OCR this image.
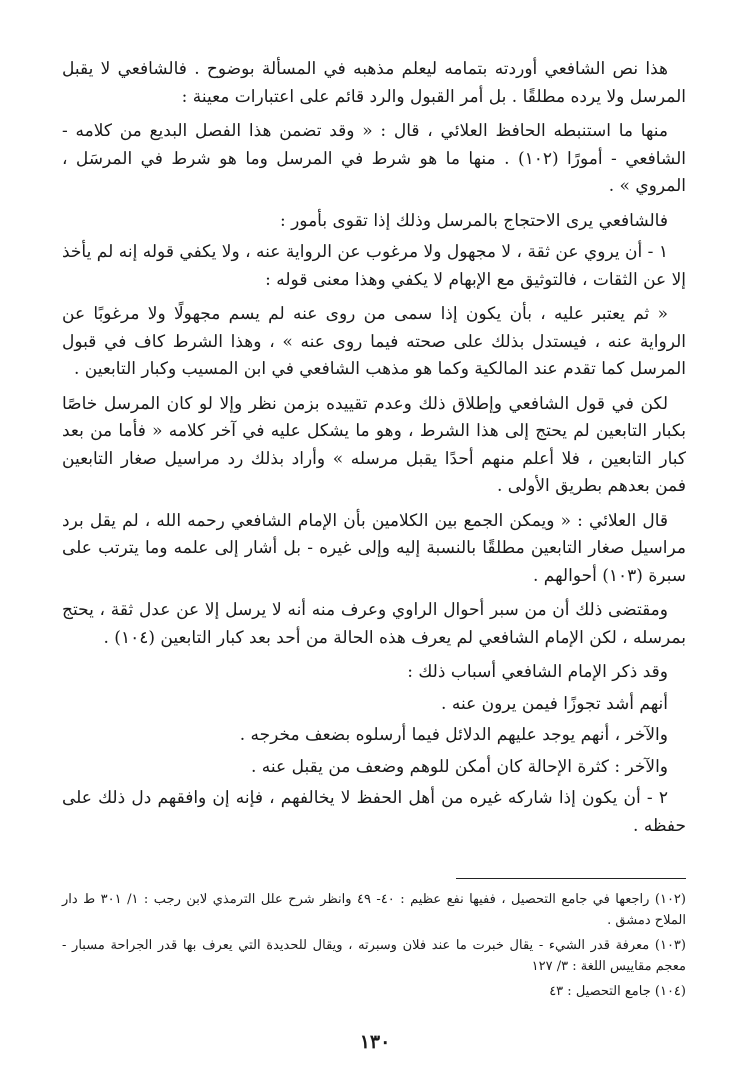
هذا نص الشافعي أوردته بتمامه ليعلم مذهبه في المسألة بوضوح . فالشافعي لا يقبل المرسل ولا يرده مطلقًا . بل أمر القبول والرد قائم على اعتبارات معينة :

منها ما استنبطه الحافظ العلائي ، قال : « وقد تضمن هذا الفصل البديع من كلامه - الشافعي - أمورًا (١٠٢) . منها ما هو شرط في المرسل وما هو شرط في المرسَل ، المروي » .

فالشافعي يرى الاحتجاج بالمرسل وذلك إذا تقوى بأمور :

١ - أن يروي عن ثقة ، لا مجهول ولا مرغوب عن الرواية عنه ، ولا يكفي قوله إنه لم يأخذ إلا عن الثقات ، فالتوثيق مع الإبهام لا يكفي وهذا معنى قوله :

« ثم يعتبر عليه ، بأن يكون إذا سمى من روى عنه لم يسم مجهولًا ولا مرغوبًا عن الرواية عنه ، فيستدل بذلك على صحته فيما روى عنه » ، وهذا الشرط كاف في قبول المرسل كما تقدم عند المالكية وكما هو مذهب الشافعي في ابن المسيب وكبار التابعين .

لكن في قول الشافعي وإطلاق ذلك وعدم تقييده بزمن نظر وإلا لو كان المرسل خاصًا بكبار التابعين لم يحتج إلى هذا الشرط ، وهو ما يشكل عليه في آخر كلامه « فأما من بعد كبار التابعين ، فلا أعلم منهم أحدًا يقبل مرسله » وأراد بذلك رد مراسيل صغار التابعين فمن بعدهم بطريق الأولى .

قال العلائي : « ويمكن الجمع بين الكلامين بأن الإمام الشافعي رحمه الله ، لم يقل برد مراسيل صغار التابعين مطلقًا بالنسبة إليه وإلى غيره - بل أشار إلى علمه وما يترتب على سبرة (١٠٣) أحوالهم .

ومقتضى ذلك أن من سبر أحوال الراوي وعرف منه أنه لا يرسل إلا عن عدل ثقة ، يحتج بمرسله ، لكن الإمام الشافعي لم يعرف هذه الحالة من أحد بعد كبار التابعين (١٠٤) .

وقد ذكر الإمام الشافعي أسباب ذلك :

أنهم أشد تجوزًا فيمن يرون عنه .

والآخر ، أنهم يوجد عليهم الدلائل فيما أرسلوه بضعف مخرجه .

والآخر : كثرة الإحالة كان أمكن للوهم وضعف من يقبل عنه .

٢ - أن يكون إذا شاركه غيره من أهل الحفظ لا يخالفهم ، فإنه إن وافقهم دل ذلك على حفظه .

(١٠٢) راجعها في جامع التحصيل ، ففيها نفع عظيم : ٤٠- ٤٩ وانظر شرح علل الترمذي لابن رجب : ١/ ٣٠١ ط دار الملاح دمشق .

(١٠٣) معرفة قدر الشيء - يقال خبرت ما عند فلان وسبرته ، ويقال للحديدة التي يعرف بها قدر الجراحة مسبار - معجم مقاييس اللغة : ٣/ ١٢٧

(١٠٤) جامع التحصيل : ٤٣

١٣٠
